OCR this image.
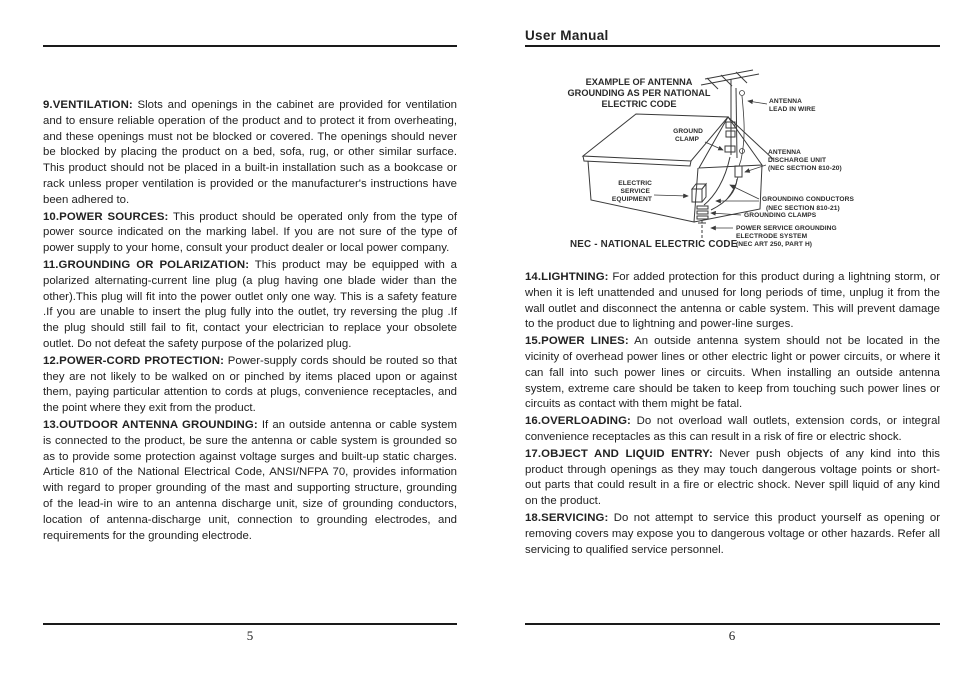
9.VENTILATION: Slots and openings in the cabinet are provided for ventilation and to ensure reliable operation of the product and to protect it from overheating, and these openings must not be blocked or covered. The openings should never be blocked by placing the product on a bed, sofa, rug, or other similar surface. This product should not be placed in a built-in installation such as a bookcase or rack unless proper ventilation is provided or the manufacturer's instructions have been adhered to.

10.POWER SOURCES: This product should be operated only from the type of power source indicated on the marking label. If you are not sure of the type of power supply to your home, consult your product dealer or local power company.

11.GROUNDING OR POLARIZATION: This product may be equipped with a polarized alternating-current line plug (a plug having one blade wider than the other).This plug will fit into the power outlet only one way. This is a safety feature .If you are unable to insert the plug fully into the outlet, try reversing the plug .If the plug should still fail to fit, contact your electrician to replace your obsolete outlet. Do not defeat the safety purpose of the polarized plug.

12.POWER-CORD PROTECTION: Power-supply cords should be routed so that they are not likely to be walked on or pinched by items placed upon or against them, paying particular attention to cords at plugs, convenience receptacles, and the point where they exit from the product.

13.OUTDOOR ANTENNA GROUNDING: If an outside antenna or cable system is connected to the product, be sure the antenna or cable system is grounded so as to provide some protection against voltage surges and built-up static charges. Article 810 of the National Electrical Code, ANSI/NFPA 70, provides information with regard to proper grounding of the mast and supporting structure, grounding of the lead-in wire to an antenna discharge unit, size of grounding conductors, location of antenna-discharge unit, connection to grounding electrodes, and requirements for the grounding electrode.

5
User Manual
EXAMPLE OF ANTENNA
GROUNDING AS PER NATIONAL
ELECTRIC CODE	ANTENNA
LEAD IN WIRE
GROUND
CLAMP
ANTENNA
DISCHARGE UNIT
(NEC SECTION 810-20)
ELECTRIC
SERVICE
EQUIPMENT	GROUNDING CONDUCTORS
(NEC SECTION 810-21)
GROUNDING CLAMPS
POWER SERVICE GROUNDING
ELECTRODE SYSTEM
(NEC ART 250, PART H)
NEC - NATIONAL ELECTRIC CODE

14.LIGHTNING: For added protection for this product during a lightning storm, or when it is left unattended and unused for long periods of time, unplug it from the wall outlet and disconnect the antenna or cable system. This will prevent damage to the product due to lightning and power-line surges.

15.POWER LINES: An outside antenna system should not be located in the vicinity of overhead power lines or other electric light or power circuits, or where it can fall into such power lines or circuits. When installing an outside antenna system, extreme care should be taken to keep from touching such power lines or circuits as contact with them might be fatal.

16.OVERLOADING: Do not overload wall outlets, extension cords, or integral convenience receptacles as this can result in a risk of fire or electric shock.

17.OBJECT AND LIQUID ENTRY: Never push objects of any kind into this product through openings as they may touch dangerous voltage points or short-out parts that could result in a fire or electric shock. Never spill liquid of any kind on the product.

18.SERVICING: Do not attempt to service this product yourself as opening or removing covers may expose you to dangerous voltage or other hazards. Refer all servicing to qualified service personnel.

6
